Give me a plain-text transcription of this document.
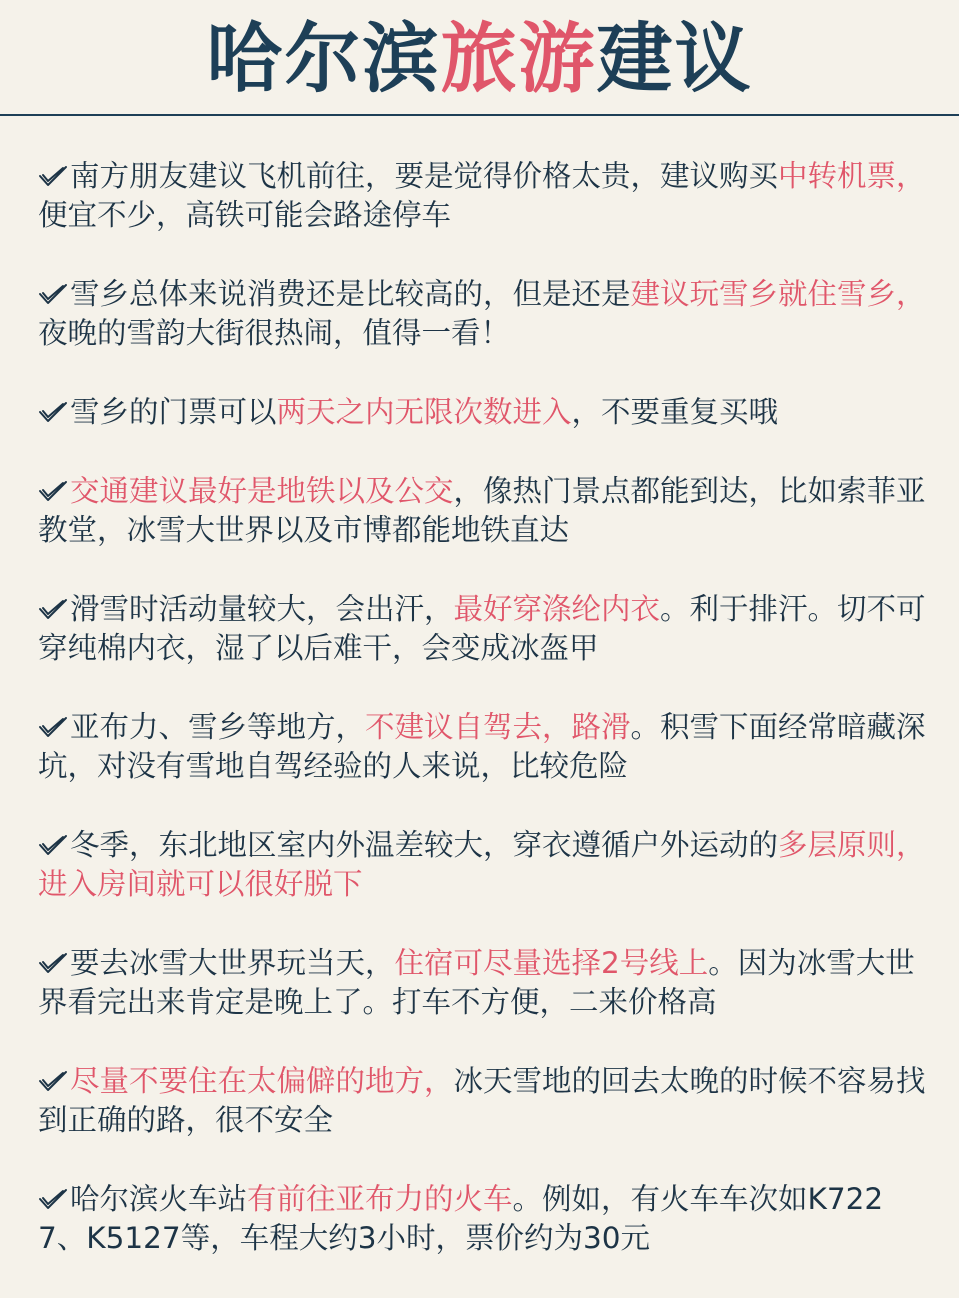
哈尔滨旅游建议
南方朋友建议飞机前往，要是觉得价格太贵，建议购买中转机票，便宜不少，高铁可能会路途停车
雪乡总体来说消费还是比较高的，但是还是建议玩雪乡就住雪乡，夜晚的雪韵大街很热闹，值得一看！
雪乡的门票可以两天之内无限次数进入，不要重复买哦
交通建议最好是地铁以及公交，像热门景点都能到达，比如索菲亚教堂，冰雪大世界以及市博都能地铁直达
滑雪时活动量较大，会出汗，最好穿涤纶内衣。利于排汗。切不可穿纯棉内衣，湿了以后难干，会变成冰盔甲
亚布力、雪乡等地方，不建议自驾去，路滑。积雪下面经常暗藏深坑，对没有雪地自驾经验的人来说，比较危险
冬季，东北地区室内外温差较大，穿衣遵循户外运动的多层原则，进入房间就可以很好脱下
要去冰雪大世界玩当天，住宿可尽量选择2号线上。因为冰雪大世界看完出来肯定是晚上了。打车不方便，二来价格高
尽量不要住在太偏僻的地方，冰天雪地的回去太晚的时候不容易找到正确的路，很不安全
哈尔滨火车站有前往亚布力的火车。例如，有火车车次如K7227、K5127等，车程大约3小时，票价约为30元
